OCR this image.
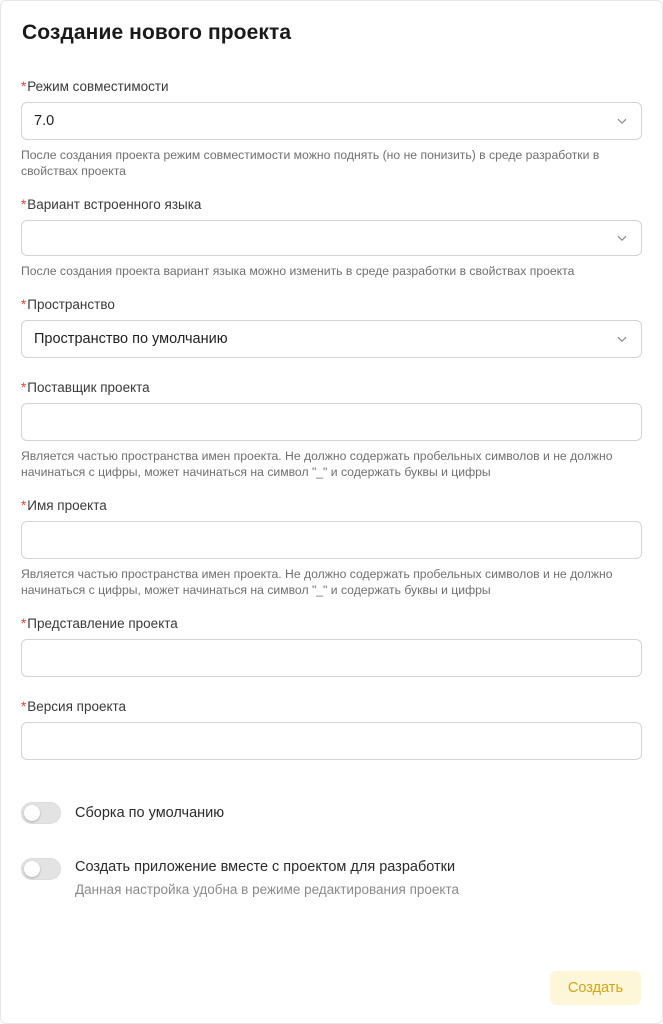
Создание нового проекта
*Режим совместимости
7.0
После создания проекта режим совместимости можно поднять (но не понизить) в среде разработки в свойствах проекта
*Вариант встроенного языка
После создания проекта вариант языка можно изменить в среде разработки в свойствах проекта
*Пространство
Пространство по умолчанию
*Поставщик проекта
Является частью пространства имен проекта. Не должно содержать пробельных символов и не должно начинаться с цифры, может начинаться на символ "_" и содержать буквы и цифры
*Имя проекта
Является частью пространства имен проекта. Не должно содержать пробельных символов и не должно начинаться с цифры, может начинаться на символ "_" и содержать буквы и цифры
*Представление проекта
*Версия проекта
Сборка по умолчанию
Создать приложение вместе с проектом для разработки
Данная настройка удобна в режиме редактирования проекта
Создать
